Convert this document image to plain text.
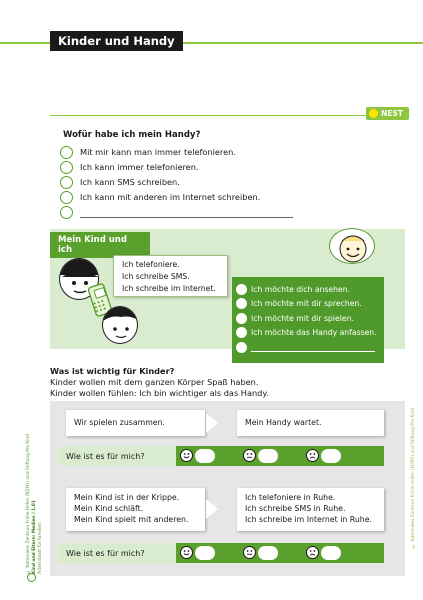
Kinder und Handy
NEST
Wofür habe ich mein Handy?
Mit mir kann man immer telefonieren.
Ich kann immer telefonieren.
Ich kann SMS schreiben.
Ich kann mit anderen im Internet schreiben.
Mein Kind und ich
Ich telefoniere.
Ich schreibe SMS.
Ich schreibe im Internet.	Ich möchte dich ansehen.
Ich möchte mit dir sprechen.
Ich möchte mit dir spielen.
Ich möchte das Handy anfassen.
Was ist wichtig für Kinder?
Kinder wollen mit dem ganzen Körper Spaß haben.
Kinder wollen fühlen: Ich bin wichtiger als das Handy.
Wir spielen zusammen.	Mein Handy wartet.
Wie ist es für mich?
Mein Kind ist in der Krippe.
Mein Kind schläft.
Mein Kind spielt mit anderen.
Ich telefoniere in Ruhe.
Ich schreibe SMS in Ruhe.
Ich schreibe im Internet in Ruhe.
Wie ist es für mich?
© Nationales Zentrum Frühe Hilfen (NZFH) und Stiftung Pro Kind Kind und Eltern: Medien / 1.01 Arbeitsblatt für Familien
© Nationales Zentrum Frühe Hilfen (NZFH) und Stiftung Pro Kind
